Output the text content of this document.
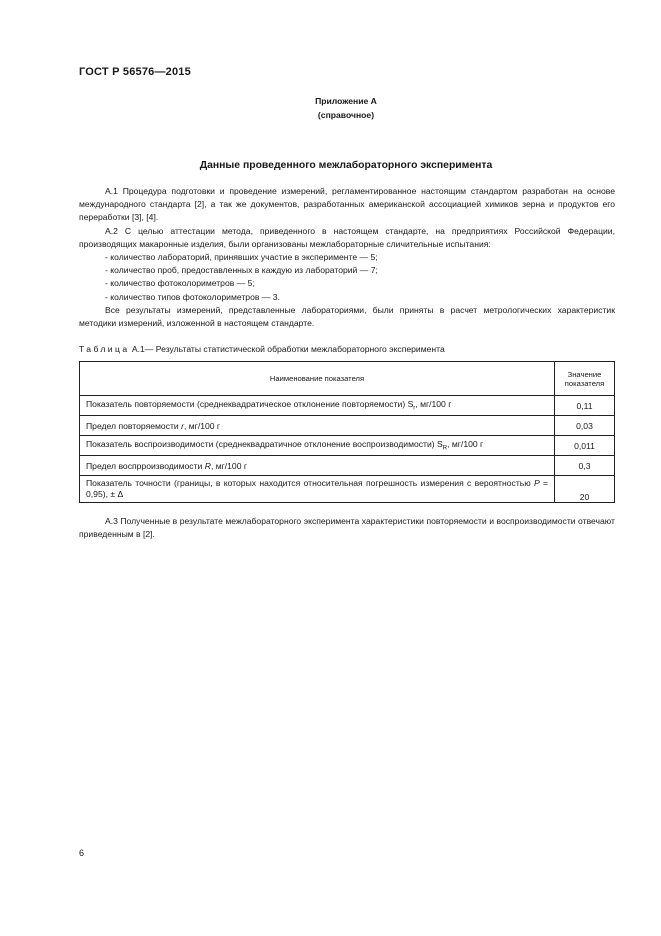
ГОСТ Р 56576—2015
Приложение А
(справочное)
Данные проведенного межлабораторного эксперимента

А.1 Процедура подготовки и проведение измерений, регламентированное настоящим стандартом разработан на основе международного стандарта [2], а так же документов, разработанных американской ассоциацией химиков зерна и продуктов его переработки [3], [4].

А.2 С целью аттестации метода, приведенного в настоящем стандарте, на предприятиях Российской Федерации, производящих макаронные изделия, были организованы межлабораторные сличительные испытания:

- количество лабораторий, принявших участие в эксперименте — 5;

- количество проб, предоставленных в каждую из лабораторий — 7;

- количество фотоколориметров — 5;

- количество типов фотоколориметров — 3.

Все результаты измерений, представленные лабораториями, были приняты в расчет метрологических характеристик методики измерений, изложенной в настоящем стандарте.

Таблица А.1— Результаты статистической обработки межлабораторного эксперимента
Наименование показателя	Значение показателя
Показатель повторяемости (среднеквадратическое отклонение повторяемости) $S_r$, мг/100 г	0,11
Предел повторяемости r, мг/100 г	0,03
Показатель воспроизводимости (среднеквадратичное отклонение воспроизводимости) $S_R$, мг/100 г	0,011
Предел воспрроизводимости R, мг/100 г	0,3
Показатель точности (границы, в которых находится относительная погрешность измерения с вероятностью P = 0,95), ± Δ	20

А.3 Полученные в результате межлабораторного эксперимента характеристики повторяемости и воспроизводимости отвечают приведенным в [2].

6
